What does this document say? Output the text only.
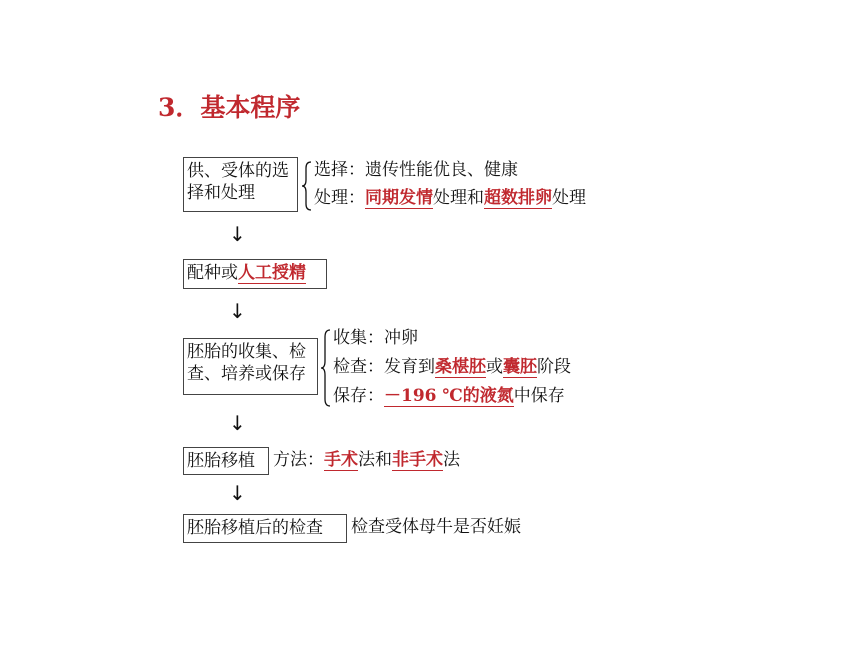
3．基本程序
供、受体的选
择和处理
选择：遗传性能优良、健康
处理：同期发情处理和超数排卵处理
↓
配种或人工授精
↓
胚胎的收集、检
查、培养或保存
收集：冲卵
检查：发育到桑椹胚或囊胚阶段
保存：－196 ℃的液氮中保存
↓
胚胎移植	方法：手术法和非手术法
↓
胚胎移植后的检查	检查受体母牛是否妊娠
